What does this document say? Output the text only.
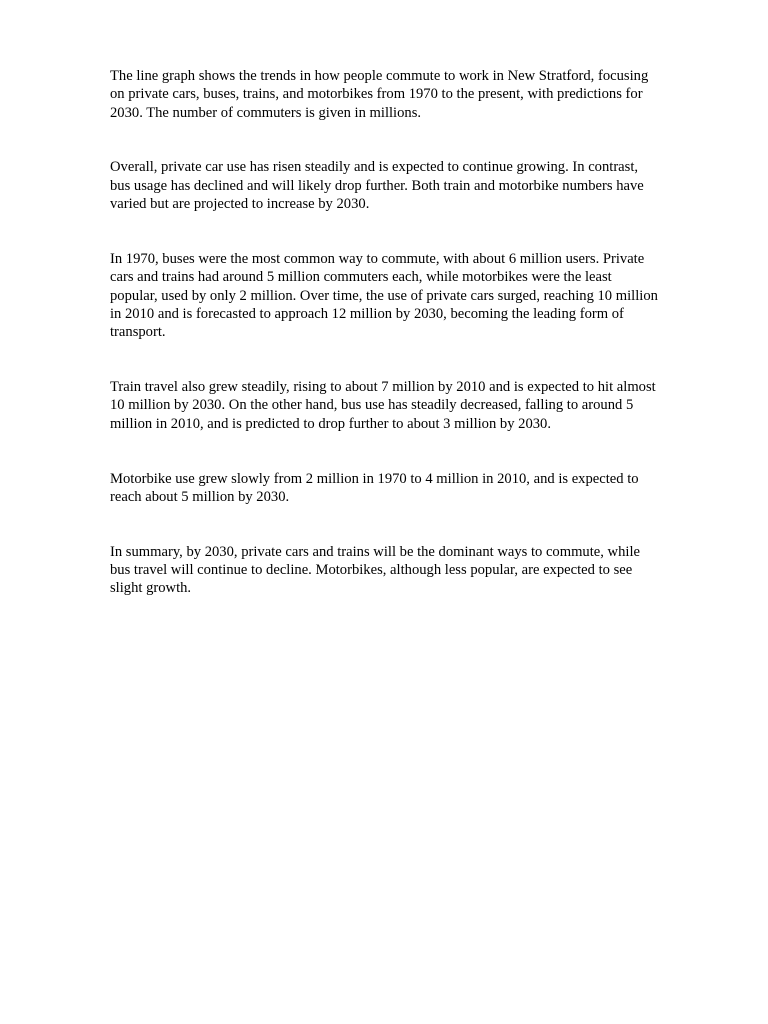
The line graph shows the trends in how people commute to work in New Stratford, focusing
on private cars, buses, trains, and motorbikes from 1970 to the present, with predictions for
2030. The number of commuters is given in millions.

Overall, private car use has risen steadily and is expected to continue growing. In contrast,
bus usage has declined and will likely drop further. Both train and motorbike numbers have
varied but are projected to increase by 2030.

In 1970, buses were the most common way to commute, with about 6 million users. Private
cars and trains had around 5 million commuters each, while motorbikes were the least
popular, used by only 2 million. Over time, the use of private cars surged, reaching 10 million
in 2010 and is forecasted to approach 12 million by 2030, becoming the leading form of
transport.

Train travel also grew steadily, rising to about 7 million by 2010 and is expected to hit almost
10 million by 2030. On the other hand, bus use has steadily decreased, falling to around 5
million in 2010, and is predicted to drop further to about 3 million by 2030.

Motorbike use grew slowly from 2 million in 1970 to 4 million in 2010, and is expected to
reach about 5 million by 2030.

In summary, by 2030, private cars and trains will be the dominant ways to commute, while
bus travel will continue to decline. Motorbikes, although less popular, are expected to see
slight growth.
